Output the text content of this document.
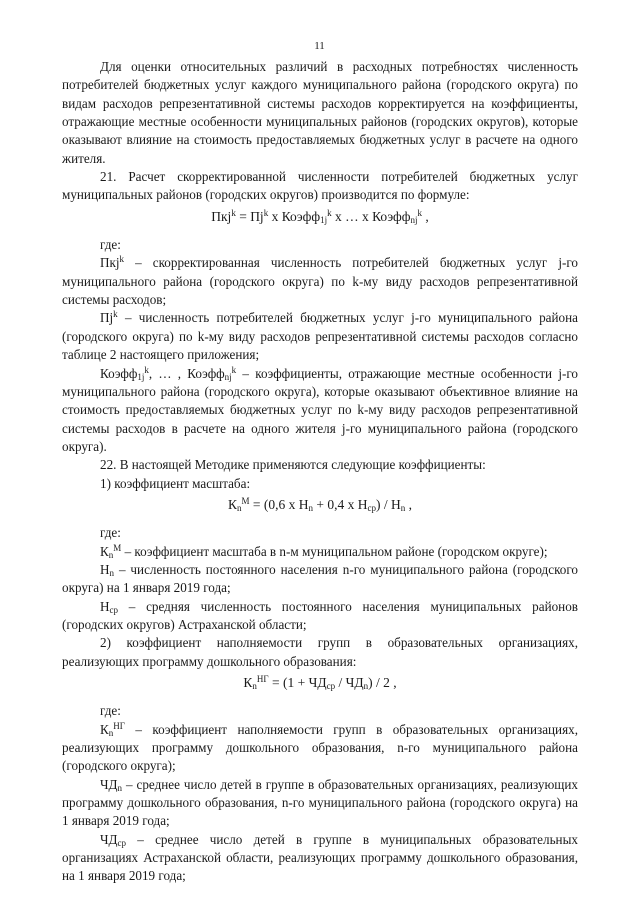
11

Для оценки относительных различий в расходных потребностях численность потребителей бюджетных услуг каждого муниципального района (городского округа) по видам расходов репрезентативной системы расходов корректируется на коэффициенты, отражающие местные особенности муниципальных районов (городских округов), которые оказывают влияние на стоимость предоставляемых бюджетных услуг в расчете на одного жителя.

21. Расчет скорректированной численности потребителей бюджетных услуг муниципальных районов (городских округов) производится по формуле:

$Пкj^k = Пj^k$ x Коэфф$_{1j}^k$ x … x Коэфф$_{nj}^k$ ,

где:

Пкj$^k$ – скорректированная численность потребителей бюджетных услуг j-го муниципального района (городского округа) по k-му виду расходов репрезентативной системы расходов;

$Пj^k$ – численность потребителей бюджетных услуг j-го муниципального района (городского округа) по k-му виду расходов репрезентативной системы расходов согласно таблице 2 настоящего приложения;

Коэфф$_{1j}^k$, … , Коэфф$_{nj}^k$ – коэффициенты, отражающие местные особенности j-го муниципального района (городского округа), которые оказывают объективное влияние на стоимость предоставляемых бюджетных услуг по k-му виду расходов репрезентативной системы расходов в расчете на одного жителя j-го муниципального района (городского округа).

22. В настоящей Методике применяются следующие коэффициенты:

1) коэффициент масштаба:

$К_n^М = (0,6$ x $Н_n + 0,4$ x $Н_{ср}) / Н_n$ ,

где:

$К_n^М$ – коэффициент масштаба в n-м муниципальном районе (городском округе);

$Н_n$ – численность постоянного населения n-го муниципального района (городского округа) на 1 января 2019 года;

$Н_{ср}$ – средняя численность постоянного населения муниципальных районов (городских округов) Астраханской области;

2) коэффициент наполняемости групп в образовательных организациях, реализующих программу дошкольного образования:

$К_n^{НГ} = (1 + ЧД_{ср} / ЧД_n) / 2$ ,

где:

$К_n^{НГ}$ – коэффициент наполняемости групп в образовательных организациях, реализующих программу дошкольного образования, n-го муниципального района (городского округа);

$ЧД_n$ – среднее число детей в группе в образовательных организациях, реализующих программу дошкольного образования, n-го муниципального района (городского округа) на 1 января 2019 года;

$ЧД_{ср}$ – среднее число детей в группе в муниципальных образовательных организациях Астраханской области, реализующих программу дошкольного образования, на 1 января 2019 года;
